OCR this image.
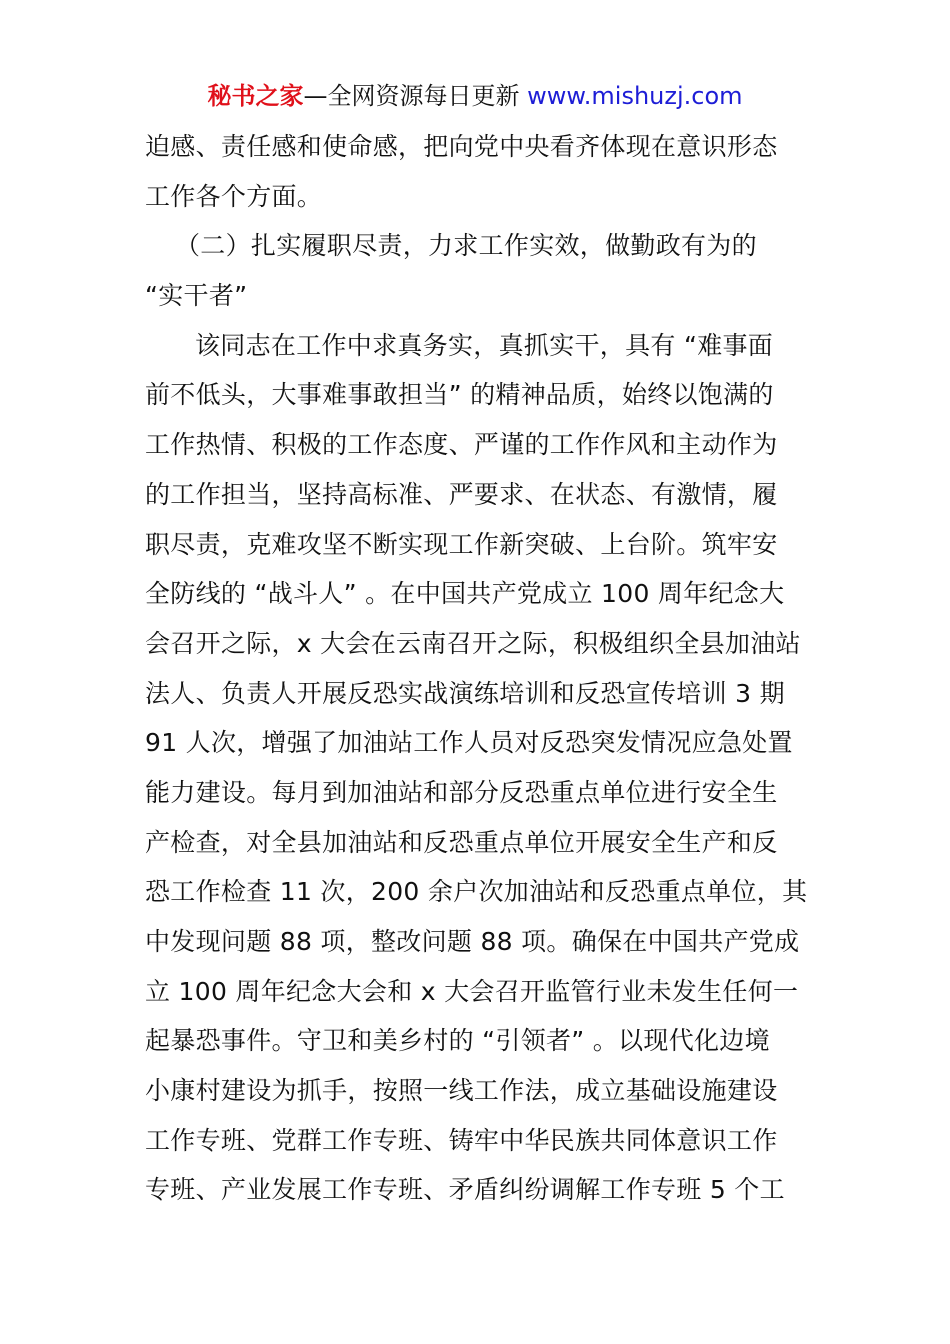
秘书之家—全网资源每日更新 www.mishuzj.com
迫感、责任感和使命感，把向党中央看齐体现在意识形态
工作各个方面。
（二）扎实履职尽责，力求工作实效，做勤政有为的
“实干者”
该同志在工作中求真务实，真抓实干，具有 “难事面
前不低头，大事难事敢担当” 的精神品质，始终以饱满的
工作热情、积极的工作态度、严谨的工作作风和主动作为
的工作担当，坚持高标准、严要求、在状态、有激情，履
职尽责，克难攻坚不断实现工作新突破、上台阶。筑牢安
全防线的 “战斗人” 。在中国共产党成立 100 周年纪念大
会召开之际，x 大会在云南召开之际，积极组织全县加油站
法人、负责人开展反恐实战演练培训和反恐宣传培训 3 期
91 人次，增强了加油站工作人员对反恐突发情况应急处置
能力建设。每月到加油站和部分反恐重点单位进行安全生
产检查，对全县加油站和反恐重点单位开展安全生产和反
恐工作检查 11 次，200 余户次加油站和反恐重点单位，其
中发现问题 88 项，整改问题 88 项。确保在中国共产党成
立 100 周年纪念大会和 x 大会召开监管行业未发生任何一
起暴恐事件。守卫和美乡村的 “引领者” 。以现代化边境
小康村建设为抓手，按照一线工作法，成立基础设施建设
工作专班、党群工作专班、铸牢中华民族共同体意识工作
专班、产业发展工作专班、矛盾纠纷调解工作专班 5 个工
